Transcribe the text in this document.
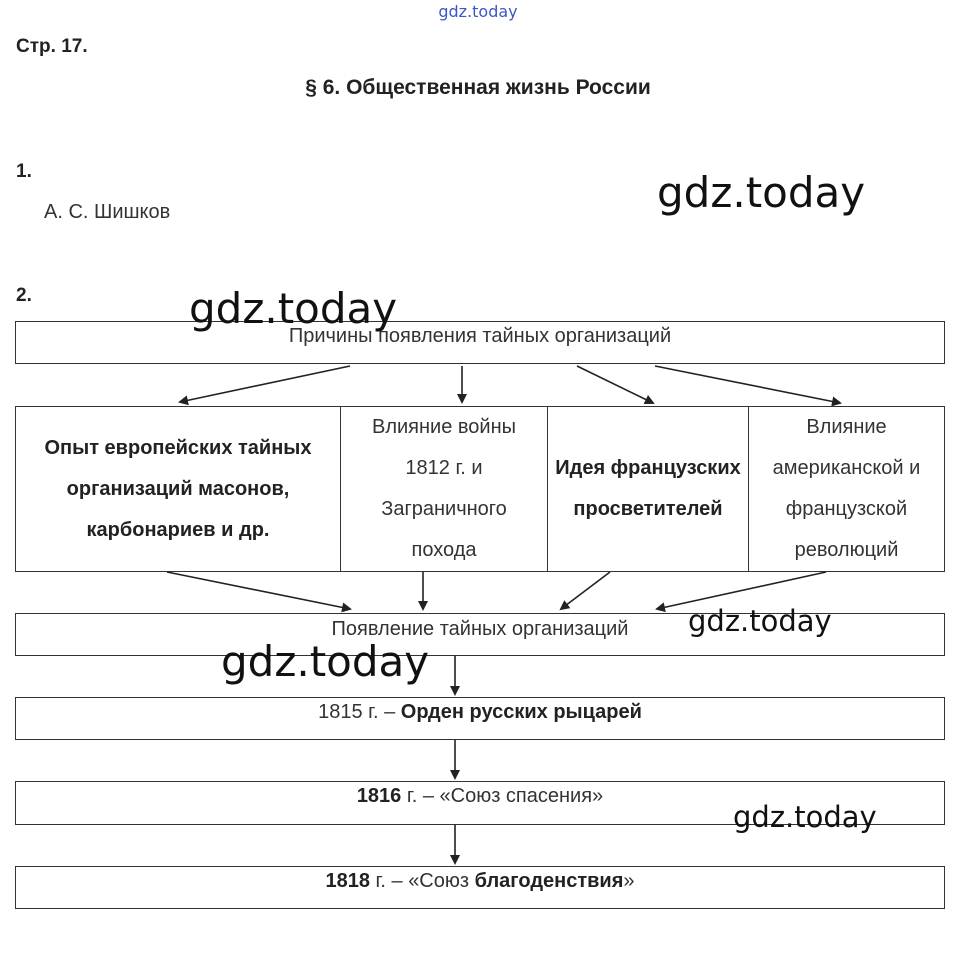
gdz.today
Стр. 17.
§ 6. Общественная жизнь России
1.
А. С. Шишков
2.
Причины появления тайных организаций
Опыт европейских тайных организаций масонов, карбонариев и др.
Влияние войны 1812 г. и Заграничного похода
Идея французских просветителей
Влияние американской и французской революций
Появление тайных организаций
1815 г. – Орден русских рыцарей
1816 г. – «Союз спасения»
1818 г. – «Союз благоденствия»
gdz.today
gdz.today
gdz.today
gdz.today
gdz.today
